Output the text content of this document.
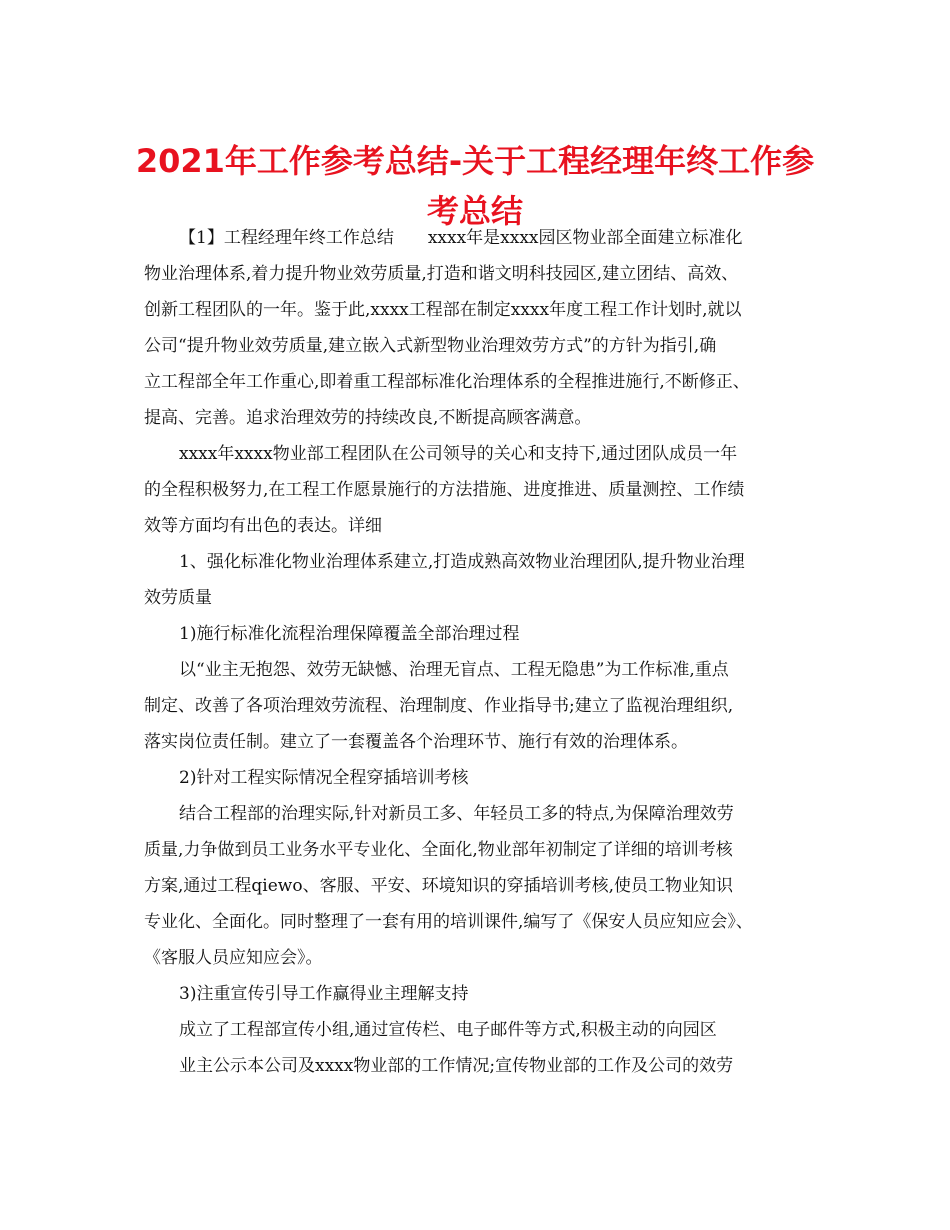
2021年工作参考总结-关于工程经理年终工作参
考总结
【1】工程经理年终工作总结　　xxxx年是xxxx园区物业部全面建立标准化
物业治理体系,着力提升物业效劳质量,打造和谐文明科技园区,建立团结、高效、
创新工程团队的一年。鉴于此,xxxx工程部在制定xxxx年度工程工作计划时,就以
公司“提升物业效劳质量,建立嵌入式新型物业治理效劳方式”的方针为指引,确
立工程部全年工作重心,即着重工程部标准化治理体系的全程推进施行,不断修正、
提高、完善。追求治理效劳的持续改良,不断提高顾客满意。
xxxx年xxxx物业部工程团队在公司领导的关心和支持下,通过团队成员一年
的全程积极努力,在工程工作愿景施行的方法措施、进度推进、质量测控、工作绩
效等方面均有出色的表达。详细
1、强化标准化物业治理体系建立,打造成熟高效物业治理团队,提升物业治理
效劳质量
1)施行标准化流程治理保障覆盖全部治理过程
以“业主无抱怨、效劳无缺憾、治理无盲点、工程无隐患”为工作标准,重点
制定、改善了各项治理效劳流程、治理制度、作业指导书;建立了监视治理组织,
落实岗位责任制。建立了一套覆盖各个治理环节、施行有效的治理体系。
2)针对工程实际情况全程穿插培训考核
结合工程部的治理实际,针对新员工多、年轻员工多的特点,为保障治理效劳
质量,力争做到员工业务水平专业化、全面化,物业部年初制定了详细的培训考核
方案,通过工程qiewo、客服、平安、环境知识的穿插培训考核,使员工物业知识
专业化、全面化。同时整理了一套有用的培训课件,编写了《保安人员应知应会》、
《客服人员应知应会》。
3)注重宣传引导工作赢得业主理解支持
成立了工程部宣传小组,通过宣传栏、电子邮件等方式,积极主动的向园区
业主公示本公司及xxxx物业部的工作情况;宣传物业部的工作及公司的效劳
